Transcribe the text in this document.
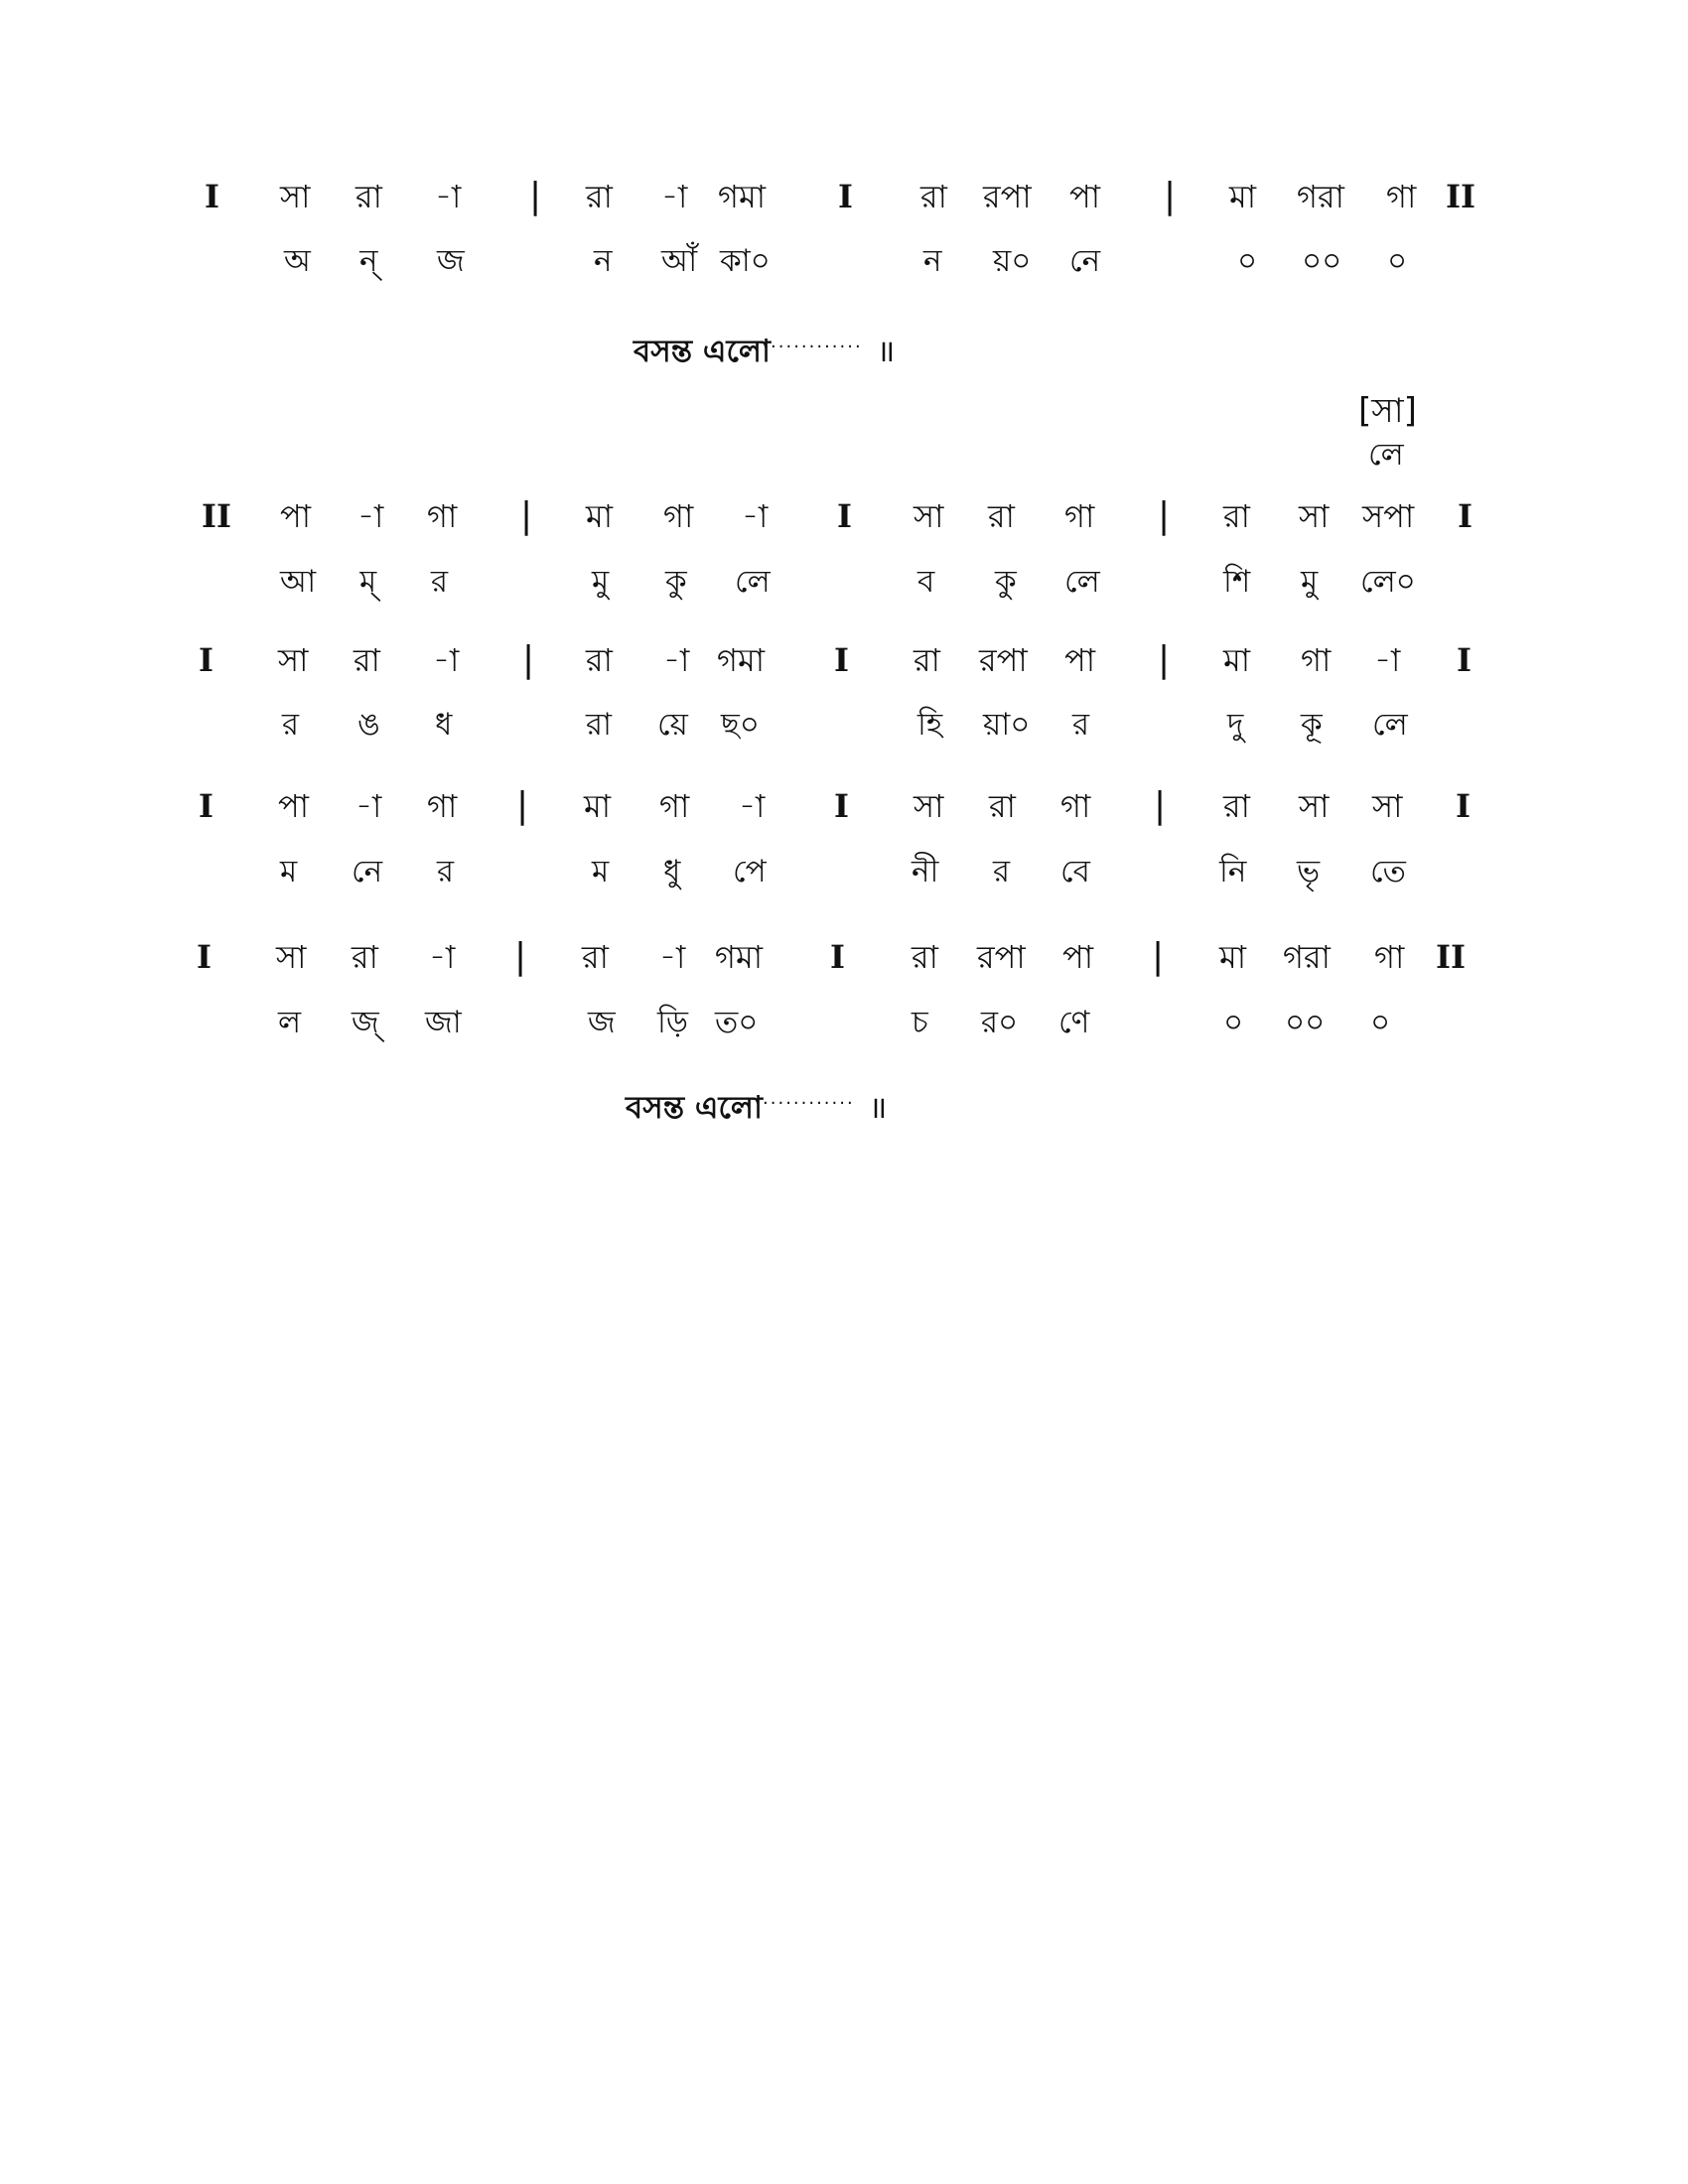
I সা রা -া | রা -া গমা I রা রপা পা | মা গরা গা II
অ ন্ জ	ন আঁ কা০	ন য়০ নে	০ ০০ ০
বসন্ত এলো............ ॥
[সা]
লে
II পা -া গা | মা গা -া I সা রা গা | রা সা সপা I
আ ম্ র	মু কু লে	ব কু লে	শি মু লে০
I সা রা -া | রা -া গমা I রা রপা পা | মা গা -া I
র ঙ ধ	রা য়ে ছ০	হি য়া০ র	দু কূ লে
I পা -া গা | মা গা -া I সা রা গা | রা সা সা I
ম নে র	ম ধু পে	নী র বে	নি ভৃ তে
I সা রা -া | রা -া গমা I রা রপা পা | মা গরা গা II
ল জ্ জা	জ ড়ি ত০	চ র০ ণে	০ ০০ ০
বসন্ত এলো............ ॥
